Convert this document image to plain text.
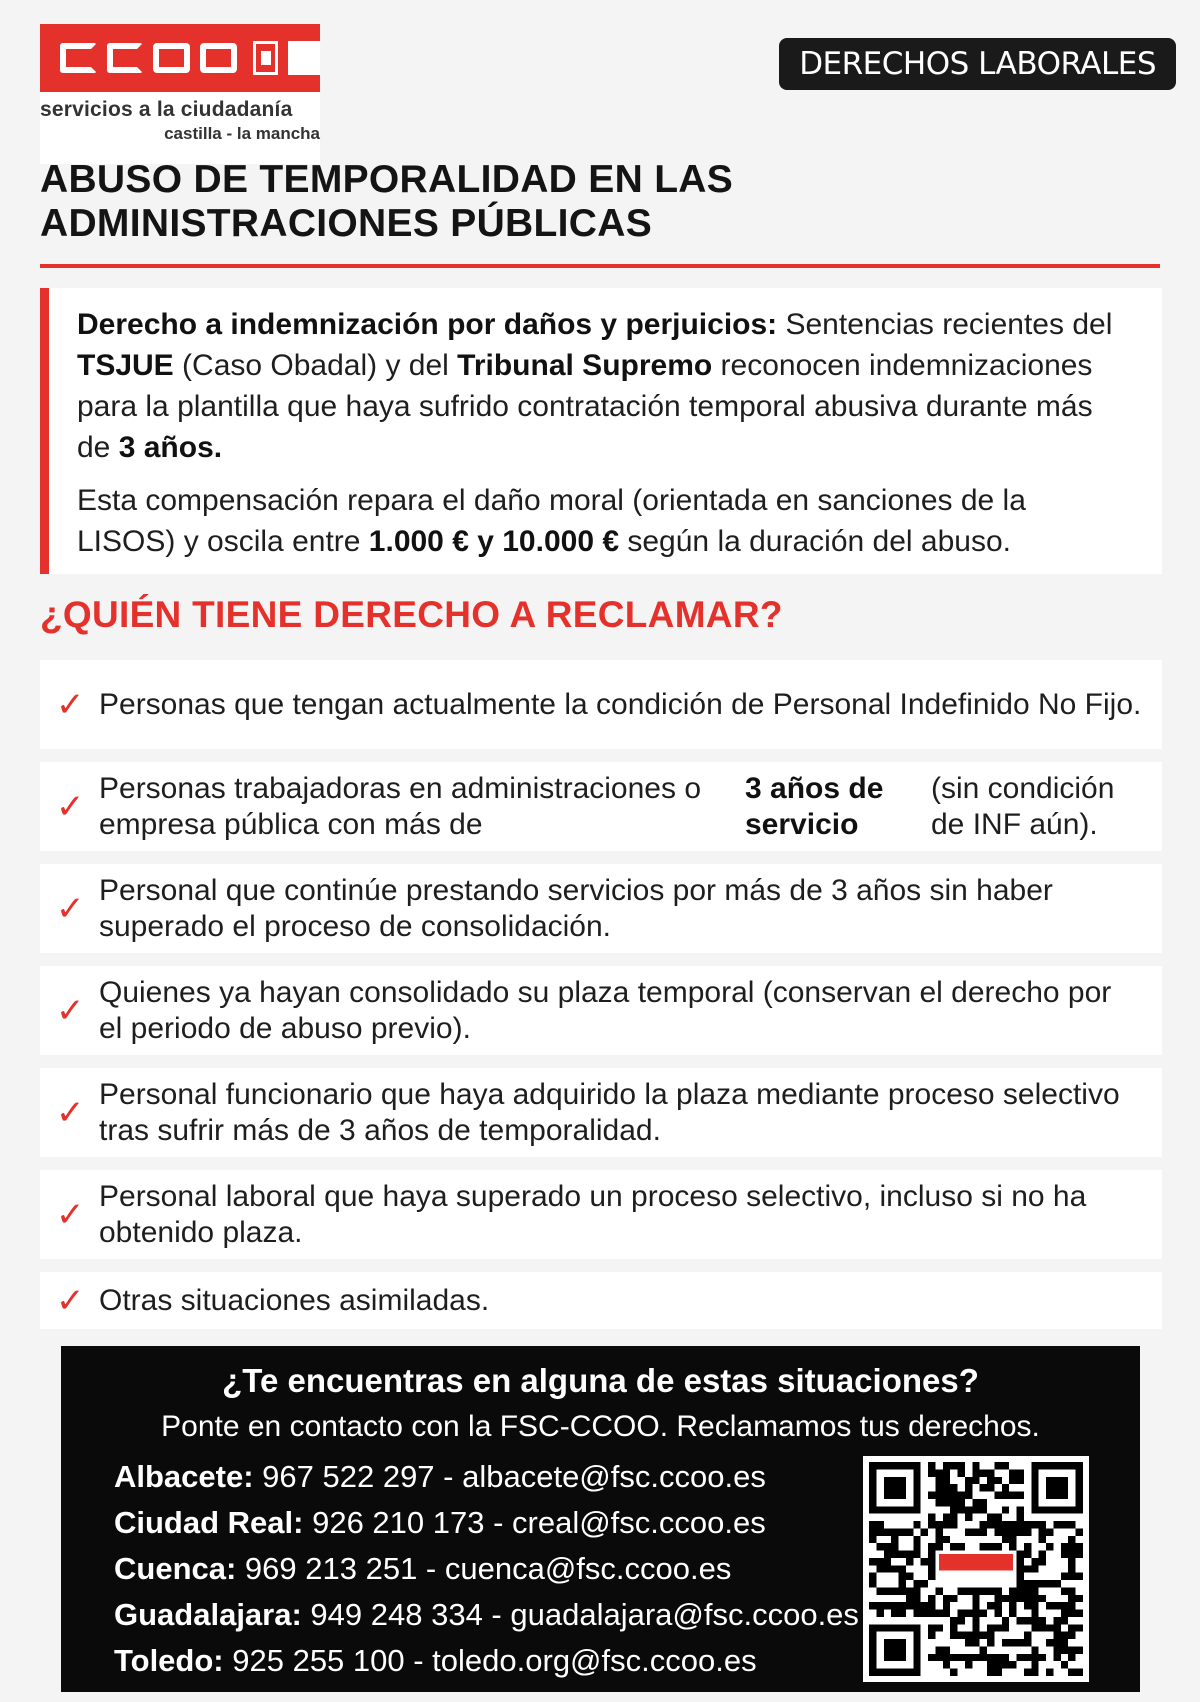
servicios a la ciudadanía
castilla - la mancha
DERECHOS LABORALES
ABUSO DE TEMPORALIDAD EN LAS
ADMINISTRACIONES PÚBLICAS

Derecho a indemnización por daños y perjuicios: Sentencias recientes del TSJUE (Caso Obadal) y del Tribunal Supremo reconocen indemnizaciones para la plantilla que haya sufrido contratación temporal abusiva durante más de 3 años.

Esta compensación repara el daño moral (orientada en sanciones de la LISOS) y oscila entre 1.000 € y 10.000 € según la duración del abuso.

¿QUIÉN TIENE DERECHO A RECLAMAR?
✓ Personas que tengan actualmente la condición de Personal Indefinido No Fijo.
✓ Personas trabajadoras en administraciones o empresa pública con más de
3 años de servicio
(sin condición de INF aún).
✓ Personal que continúe prestando servicios por más de 3 años sin haber superado el proceso de consolidación.
✓ Quienes ya hayan consolidado su plaza temporal (conservan el derecho por el periodo de abuso previo).
✓ Personal funcionario que haya adquirido la plaza mediante proceso selectivo tras sufrir más de 3 años de temporalidad.
✓ Personal laboral que haya superado un proceso selectivo, incluso si no ha obtenido plaza.
✓ Otras situaciones asimiladas.
¿Te encuentras en alguna de estas situaciones?
Ponte en contacto con la FSC-CCOO. Reclamamos tus derechos.
Albacete: 967 522 297 - albacete@fsc.ccoo.es
Ciudad Real: 926 210 173 - creal@fsc.ccoo.es
Cuenca: 969 213 251 - cuenca@fsc.ccoo.es
Guadalajara: 949 248 334 - guadalajara@fsc.ccoo.es
Toledo: 925 255 100 - toledo.org@fsc.ccoo.es
